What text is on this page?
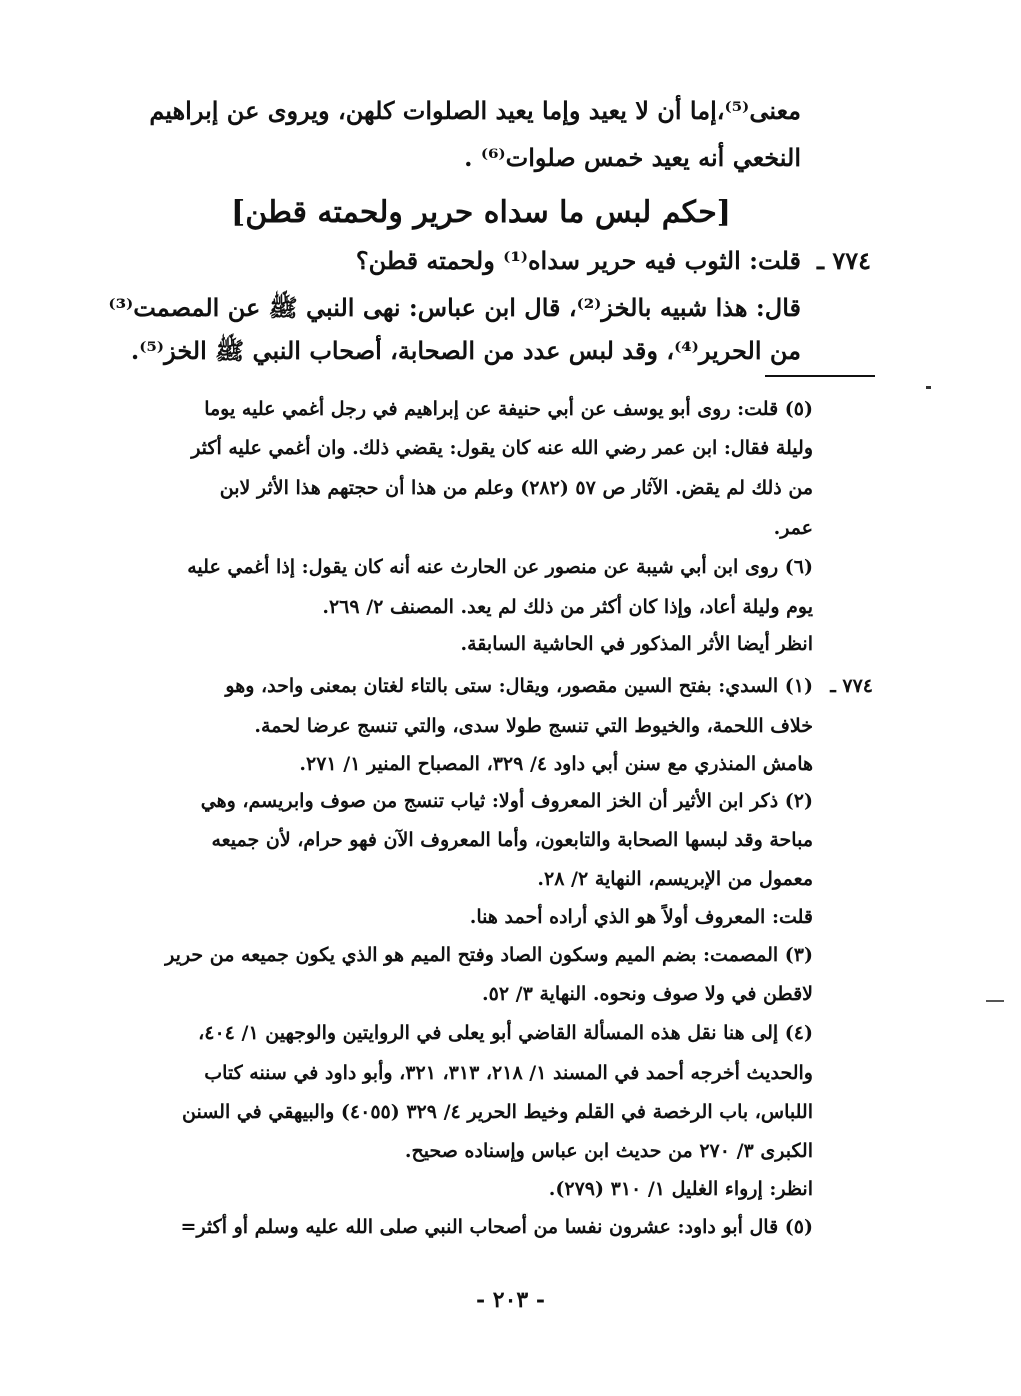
معنى⁽⁵⁾،إما أن لا يعيد وإما يعيد الصلوات كلهن، ويروى عن إبراهيم
النخعي أنه يعيد خمس صلوات⁽⁶⁾ .
[حكم لبس ما سداه حرير ولحمته قطن]
٧٧٤ ـ
قلت: الثوب فيه حرير سداه⁽¹⁾ ولحمته قطن؟
قال: هذا شبيه بالخز⁽²⁾، قال ابن عباس: نهى النبي ﷺ عن المصمت⁽³⁾
من الحرير⁽⁴⁾، وقد لبس عدد من الصحابة، أصحاب النبي ﷺ الخز⁽⁵⁾.
(٥) قلت: روى أبو يوسف عن أبي حنيفة عن إبراهيم في رجل أغمي عليه يوما
وليلة فقال: ابن عمر رضي الله عنه كان يقول: يقضي ذلك. وان أغمي عليه أكثر
من ذلك لم يقض. الآثار ص ٥٧ (٢٨٢) وعلم من هذا أن حجتهم هذا الأثر لابن
عمر.
(٦) روى ابن أبي شيبة عن منصور عن الحارث عنه أنه كان يقول: إذا أغمي عليه
يوم وليلة أعاد، وإذا كان أكثر من ذلك لم يعد. المصنف ٢/ ٢٦٩.
انظر أيضا الأثر المذكور في الحاشية السابقة.
٧٧٤ ـ
(١) السدي: بفتح السين مقصور، ويقال: ستى بالتاء لغتان بمعنى واحد، وهو
خلاف اللحمة، والخيوط التي تنسج طولا سدى، والتي تنسج عرضا لحمة.
هامش المنذري مع سنن أبي داود ٤/ ٣٢٩، المصباح المنير ١/ ٢٧١.
(٢) ذكر ابن الأثير أن الخز المعروف أولا: ثياب تنسج من صوف وابريسم، وهي
مباحة وقد لبسها الصحابة والتابعون، وأما المعروف الآن فهو حرام، لأن جميعه
معمول من الإبريسم، النهاية ٢/ ٢٨.
قلت: المعروف أولاً هو الذي أراده أحمد هنا.
(٣) المصمت: بضم الميم وسكون الصاد وفتح الميم هو الذي يكون جميعه من حرير
لاقطن في ولا صوف ونحوه. النهاية ٣/ ٥٢.
(٤) إلى هنا نقل هذه المسألة القاضي أبو يعلى في الروايتين والوجهين ١/ ٤٠٤،
والحديث أخرجه أحمد في المسند ١/ ٢١٨، ٣١٣، ٣٢١، وأبو داود في سننه كتاب
اللباس، باب الرخصة في القلم وخيط الحرير ٤/ ٣٢٩ (٤٠٥٥) والبيهقي في السنن
الكبرى ٣/ ٢٧٠ من حديث ابن عباس وإسناده صحيح.
انظر: إرواء الغليل ١/ ٣١٠ (٢٧٩).
(٥) قال أبو داود: عشرون نفسا من أصحاب النبي صلى الله عليه وسلم أو أكثر=
- ٢٠٣ -
